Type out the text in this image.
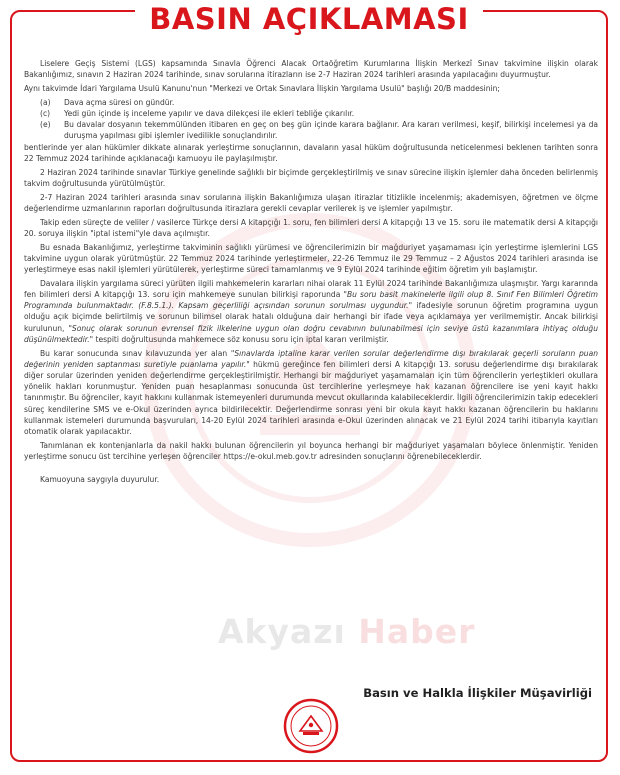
BASIN AÇIKLAMASI

Liselere Geçiş Sistemi (LGS) kapsamında Sınavla Öğrenci Alacak Ortaöğretim Kurumlarına İlişkin Merkezî Sınav takvimine ilişkin olarak Bakanlığımız, sınavın 2 Haziran 2024 tarihinde, sınav sorularına itirazların ise 2-7 Haziran 2024 tarihleri arasında yapılacağını duyurmuştur.

Aynı takvimde İdari Yargılama Usulü Kanunu'nun "Merkezi ve Ortak Sınavlara İlişkin Yargılama Usulü" başlığı 20/B maddesinin;

(a)	Dava açma süresi on gündür.
(c)	Yedi gün içinde iş inceleme yapılır ve dava dilekçesi ile ekleri tebliğe çıkarılır.
(e)	Bu davalar dosyanın tekemmülünden itibaren en geç on beş gün içinde karara bağlanır. Ara kararı verilmesi, keşif, bilirkişi incelemesi ya da duruşma yapılması gibi işlemler ivedilikle sonuçlandırılır.

bentlerinde yer alan hükümler dikkate alınarak yerleştirme sonuçlarının, davaların yasal hüküm doğrultusunda neticelenmesi beklenen tarihten sonra 22 Temmuz 2024 tarihinde açıklanacağı kamuoyu ile paylaşılmıştır.

2 Haziran 2024 tarihinde sınavlar Türkiye genelinde sağlıklı bir biçimde gerçekleştirilmiş ve sınav sürecine ilişkin işlemler daha önceden belirlenmiş takvim doğrultusunda yürütülmüştür.

2-7 Haziran 2024 tarihleri arasında sınav sorularına ilişkin Bakanlığımıza ulaşan itirazlar titizlikle incelenmiş; akademisyen, öğretmen ve ölçme değerlendirme uzmanlarının raporları doğrultusunda itirazlara gerekli cevaplar verilerek iş ve işlemler yapılmıştır.

Takip eden süreçte de veliler / vasilerce Türkçe dersi A kitapçığı 1. soru, fen bilimleri dersi A kitapçığı 13 ve 15. soru ile matematik dersi A kitapçığı 20. soruya ilişkin "iptal istemi"yle dava açılmıştır.

Bu esnada Bakanlığımız, yerleştirme takviminin sağlıklı yürümesi ve öğrencilerimizin bir mağduriyet yaşamaması için yerleştirme işlemlerini LGS takvimine uygun olarak yürütmüştür. 22 Temmuz 2024 tarihinde yerleştirmeler, 22-26 Temmuz ile 29 Temmuz – 2 Ağustos 2024 tarihleri arasında ise yerleştirmeye esas nakil işlemleri yürütülerek, yerleştirme süreci tamamlanmış ve 9 Eylül 2024 tarihinde eğitim öğretim yılı başlamıştır.

Davalara ilişkin yargılama süreci yürüten ilgili mahkemelerin kararları nihai olarak 11 Eylül 2024 tarihinde Bakanlığımıza ulaşmıştır. Yargı kararında fen bilimleri dersi A kitapçığı 13. soru için mahkemeye sunulan bilirkişi raporunda "Bu soru basit makinelerle ilgili olup 8. Sınıf Fen Bilimleri Öğretim Programında bulunmaktadır. (F.8.5.1.). Kapsam geçerliliği açısından sorunun sorulması uygundur." ifadesiyle sorunun öğretim programına uygun olduğu açık biçimde belirtilmiş ve sorunun bilimsel olarak hatalı olduğuna dair herhangi bir ifade veya açıklamaya yer verilmemiştir. Ancak bilirkişi kurulunun, "Sonuç olarak sorunun evrensel fizik ilkelerine uygun olan doğru cevabının bulunabilmesi için seviye üstü kazanımlara ihtiyaç olduğu düşünülmektedir." tespiti doğrultusunda mahkemece söz konusu soru için iptal kararı verilmiştir.

Bu karar sonucunda sınav kılavuzunda yer alan "Sınavlarda iptaline karar verilen sorular değerlendirme dışı bırakılarak geçerli soruların puan değerinin yeniden saptanması suretiyle puanlama yapılır." hükmü gereğince fen bilimleri dersi A kitapçığı 13. sorusu değerlendirme dışı bırakılarak diğer sorular üzerinden yeniden değerlendirme gerçekleştirilmiştir. Herhangi bir mağduriyet yaşamamaları için tüm öğrencilerin yerleştikleri okullara yönelik hakları korunmuştur. Yeniden puan hesaplanması sonucunda üst tercihlerine yerleşmeye hak kazanan öğrencilere ise yeni kayıt hakkı tanınmıştır. Bu öğrenciler, kayıt hakkını kullanmak istemeyenleri durumunda mevcut okullarında kalabileceklerdir. İlgili öğrencilerimizin takip edecekleri süreç kendilerine SMS ve e-Okul üzerinden ayrıca bildirilecektir. Değerlendirme sonrası yeni bir okula kayıt hakkı kazanan öğrencilerin bu haklarını kullanmak istemeleri durumunda başvuruları, 14-20 Eylül 2024 tarihleri arasında e-Okul üzerinden alınacak ve 21 Eylül 2024 tarihi itibarıyla kayıtları otomatik olarak yapılacaktır.

Tanımlanan ek kontenjanlarla da nakil hakkı bulunan öğrencilerin yıl boyunca herhangi bir mağduriyet yaşamaları böylece önlenmiştir. Yeniden yerleştirme sonucu üst tercihine yerleşen öğrenciler https://e-okul.meb.gov.tr adresinden sonuçlarını öğrenebileceklerdir.

Kamuoyuna saygıyla duyurulur.

Akyazı Haber
Basın ve Halkla İlişkiler Müşavirliği
